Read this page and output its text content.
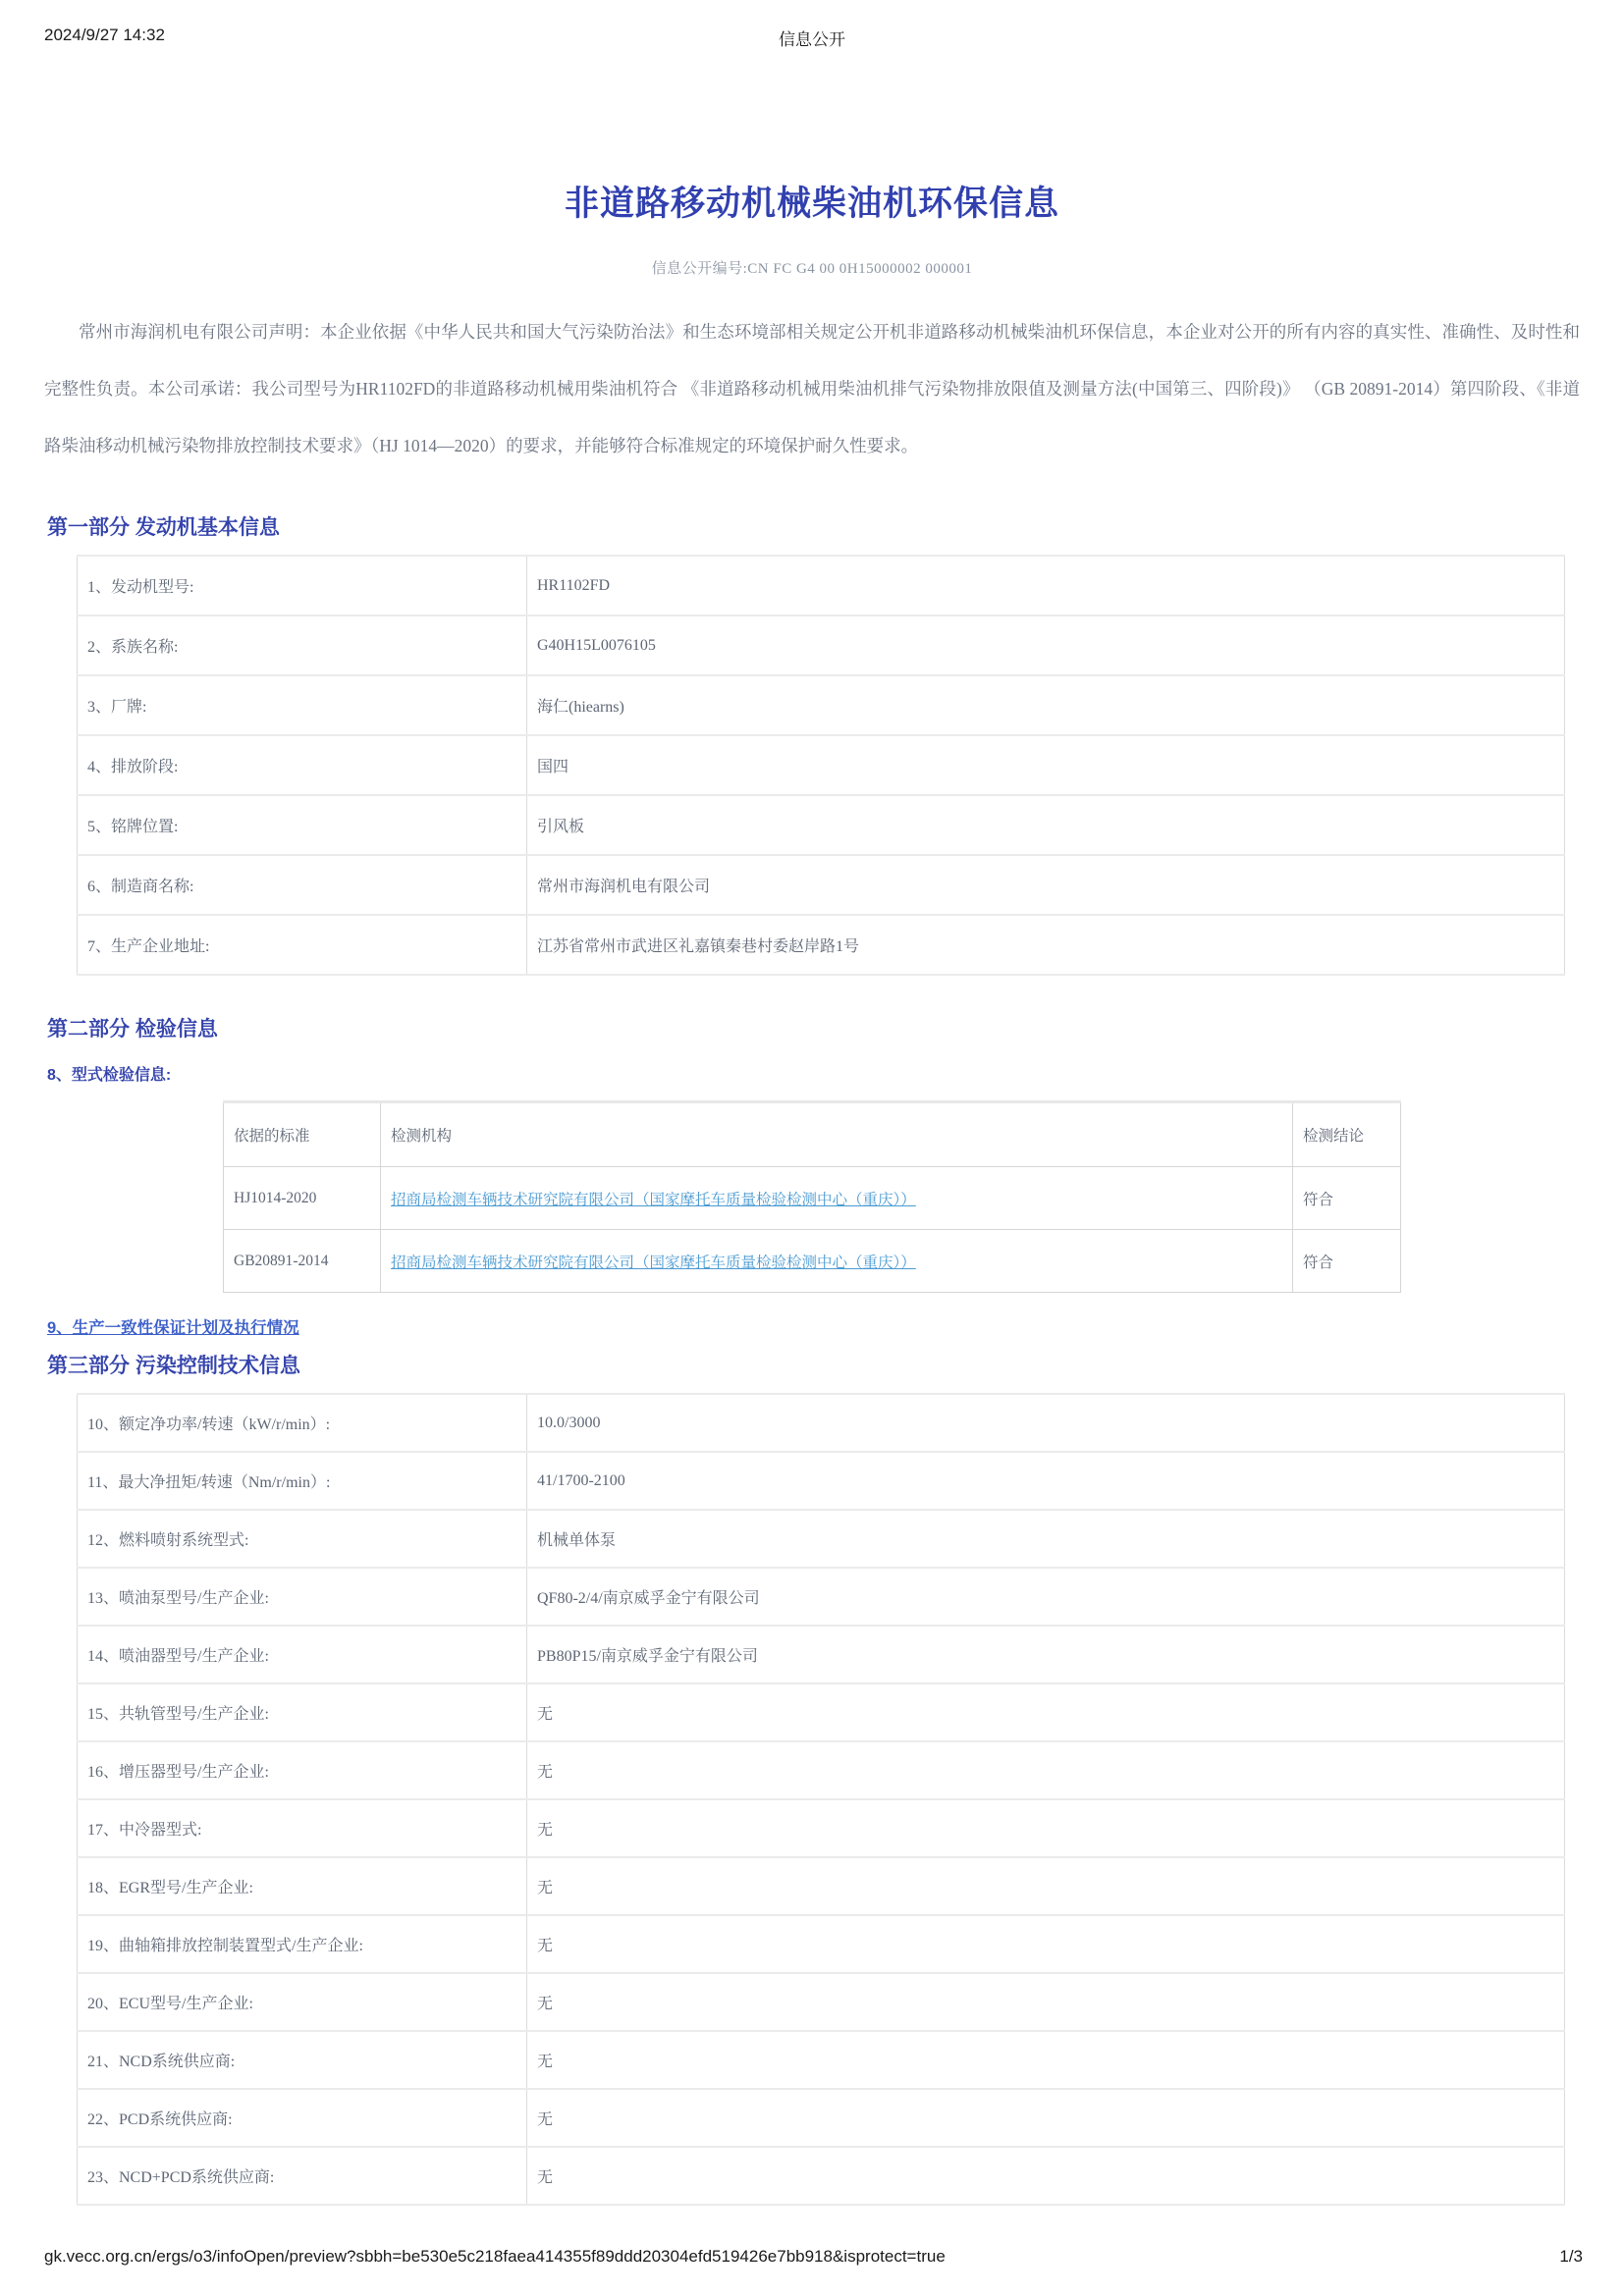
2024/9/27 14:32	信息公开
非道路移动机械柴油机环保信息
信息公开编号:CN FC G4 00 0H15000002 000001

常州市海润机电有限公司声明：本企业依据《中华人民共和国大气污染防治法》和生态环境部相关规定公开机非道路移动机械柴油机环保信息，本企业对公开的所有内容的真实性、准确性、及时性和完整性负责。本公司承诺：我公司型号为HR1102FD的非道路移动机械用柴油机符合 《非道路移动机械用柴油机排气污染物排放限值及测量方法(中国第三、四阶段)》 （GB 20891-2014）第四阶段、《非道路柴油移动机械污染物排放控制技术要求》（HJ 1014—2020）的要求，并能够符合标准规定的环境保护耐久性要求。

第一部分 发动机基本信息
1、发动机型号:	HR1102FD
2、系族名称:	G40H15L0076105
3、厂牌:	海仁(hiearns)
4、排放阶段:	国四
5、铭牌位置:	引风板
6、制造商名称:	常州市海润机电有限公司
7、生产企业地址:	江苏省常州市武进区礼嘉镇秦巷村委赵岸路1号
第二部分 检验信息
8、型式检验信息:
依据的标准	检测机构	检测结论
HJ1014-2020	招商局检测车辆技术研究院有限公司（国家摩托车质量检验检测中心（重庆））	符合
GB20891-2014	招商局检测车辆技术研究院有限公司（国家摩托车质量检验检测中心（重庆））	符合
9、生产一致性保证计划及执行情况
第三部分 污染控制技术信息
10、额定净功率/转速（kW/r/min）:	10.0/3000
11、最大净扭矩/转速（Nm/r/min）:	41/1700-2100
12、燃料喷射系统型式:	机械单体泵
13、喷油泵型号/生产企业:	QF80-2/4/南京威孚金宁有限公司
14、喷油器型号/生产企业:	PB80P15/南京威孚金宁有限公司
15、共轨管型号/生产企业:	无
16、增压器型号/生产企业:	无
17、中冷器型式:	无
18、EGR型号/生产企业:	无
19、曲轴箱排放控制装置型式/生产企业:	无
20、ECU型号/生产企业:	无
21、NCD系统供应商:	无
22、PCD系统供应商:	无
23、NCD+PCD系统供应商:	无
gk.vecc.org.cn/ergs/o3/infoOpen/preview?sbbh=be530e5c218faea414355f89ddd20304efd519426e7bb918&isprotect=true	1/3
